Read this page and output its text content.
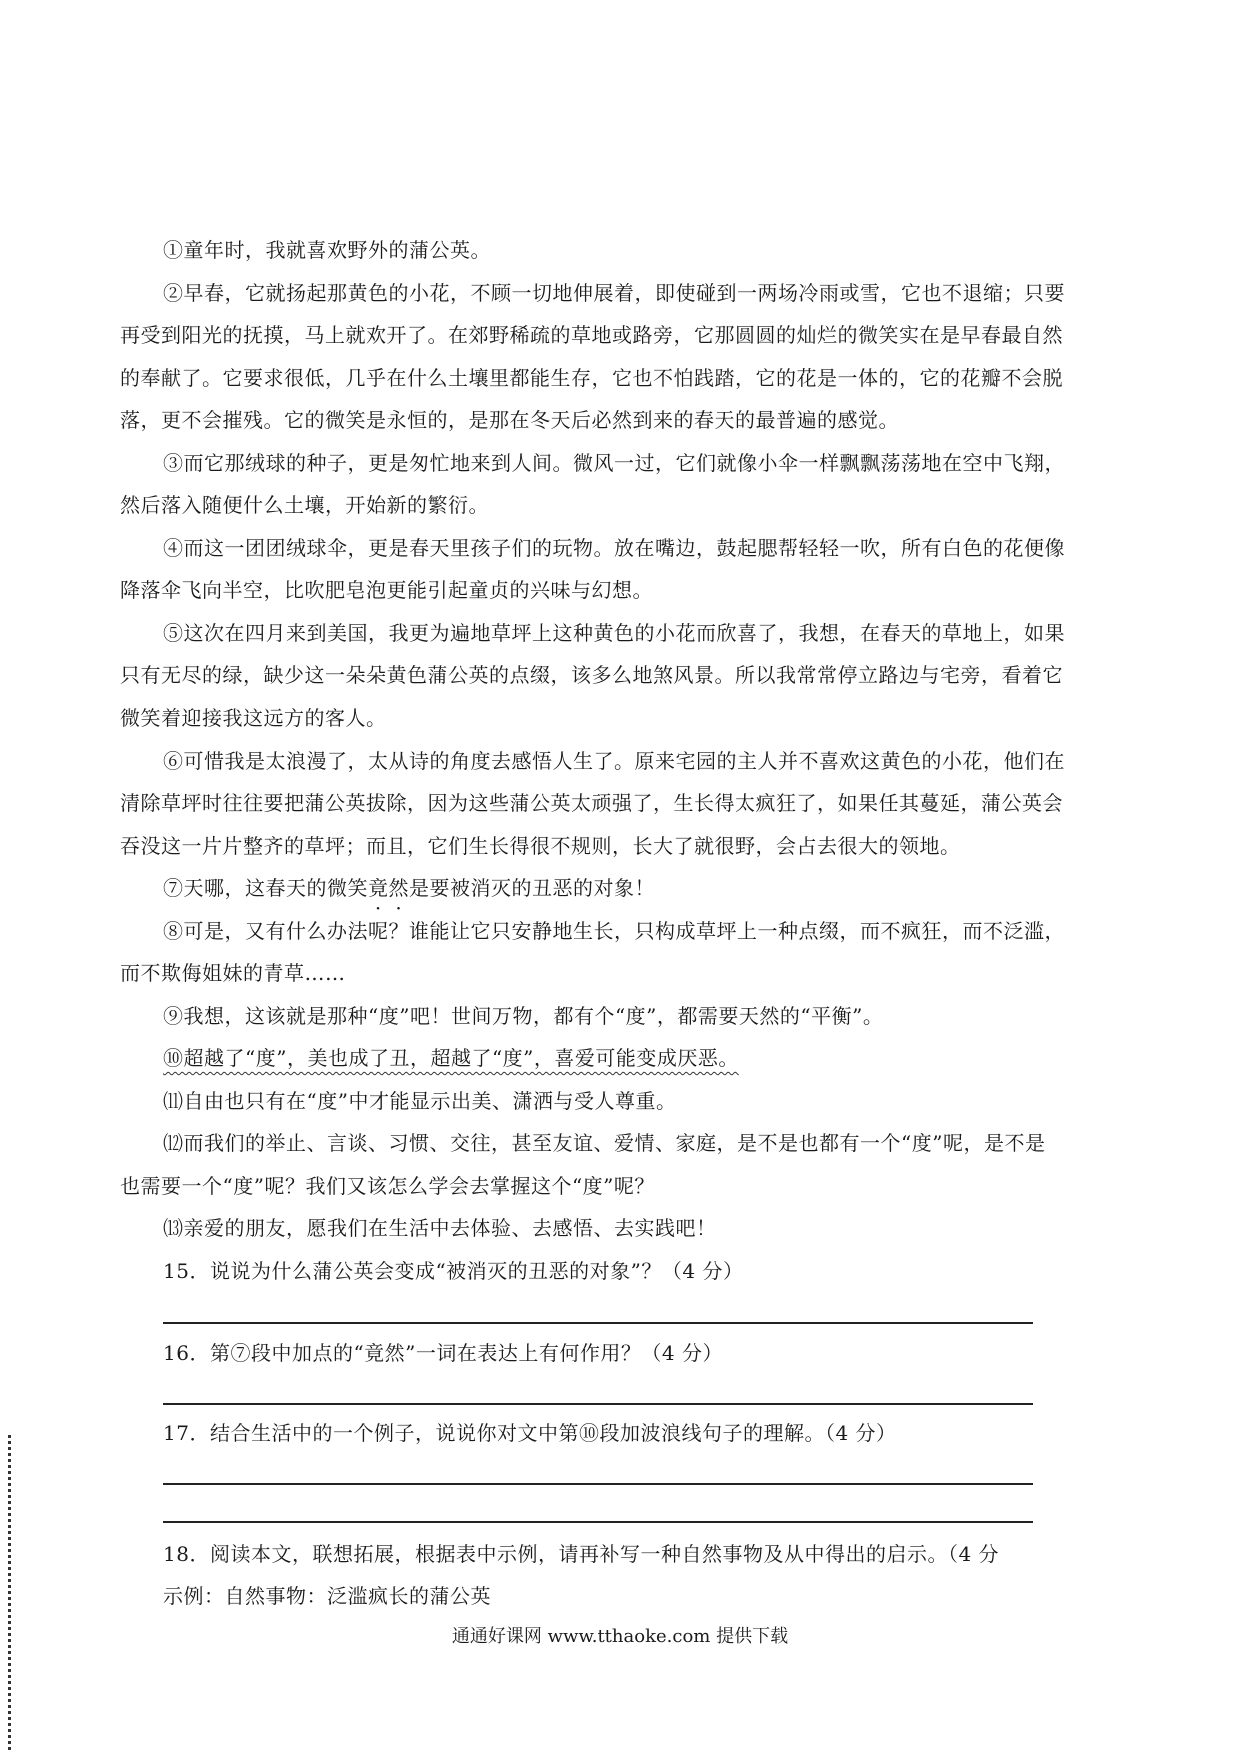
①童年时，我就喜欢野外的蒲公英。
②早春，它就扬起那黄色的小花，不顾一切地伸展着，即使碰到一两场冷雨或雪，它也不退缩；只要
再受到阳光的抚摸，马上就欢开了。在郊野稀疏的草地或路旁，它那圆圆的灿烂的微笑实在是早春最自然
的奉献了。它要求很低，几乎在什么土壤里都能生存，它也不怕践踏，它的花是一体的，它的花瓣不会脱
落，更不会摧残。它的微笑是永恒的，是那在冬天后必然到来的春天的最普遍的感觉。
③而它那绒球的种子，更是匆忙地来到人间。微风一过，它们就像小伞一样飘飘荡荡地在空中飞翔，
然后落入随便什么土壤，开始新的繁衍。
④而这一团团绒球伞，更是春天里孩子们的玩物。放在嘴边，鼓起腮帮轻轻一吹，所有白色的花便像
降落伞飞向半空，比吹肥皂泡更能引起童贞的兴味与幻想。
⑤这次在四月来到美国，我更为遍地草坪上这种黄色的小花而欣喜了，我想，在春天的草地上，如果
只有无尽的绿，缺少这一朵朵黄色蒲公英的点缀，该多么地煞风景。所以我常常停立路边与宅旁，看着它
微笑着迎接我这远方的客人。
⑥可惜我是太浪漫了，太从诗的角度去感悟人生了。原来宅园的主人并不喜欢这黄色的小花，他们在
清除草坪时往往要把蒲公英拔除，因为这些蒲公英太顽强了，生长得太疯狂了，如果任其蔓延，蒲公英会
吞没这一片片整齐的草坪；而且，它们生长得很不规则，长大了就很野，会占去很大的领地。
⑦天哪，这春天的微笑竟然是要被消灭的丑恶的对象！
⑧可是，又有什么办法呢？谁能让它只安静地生长，只构成草坪上一种点缀，而不疯狂，而不泛滥，
而不欺侮姐妹的青草……
⑨我想，这该就是那种“度”吧！世间万物，都有个“度”，都需要天然的“平衡”。
⑩超越了“度”，美也成了丑，超越了“度”，喜爱可能变成厌恶。
⑾自由也只有在“度”中才能显示出美、潇洒与受人尊重。
⑿而我们的举止、言谈、习惯、交往，甚至友谊、爱情、家庭，是不是也都有一个“度”呢，是不是
也需要一个“度”呢？我们又该怎么学会去掌握这个“度”呢？
⒀亲爱的朋友，愿我们在生活中去体验、去感悟、去实践吧！
15．说说为什么蒲公英会变成“被消灭的丑恶的对象”？（4 分）
16．第⑦段中加点的“竟然”一词在表达上有何作用？（4 分）
17．结合生活中的一个例子，说说你对文中第⑩段加波浪线句子的理解。（4 分）
18．阅读本文，联想拓展，根据表中示例，请再补写一种自然事物及从中得出的启示。（4 分
示例：自然事物：泛滥疯长的蒲公英
通通好课网 www.tthaoke.com 提供下载
